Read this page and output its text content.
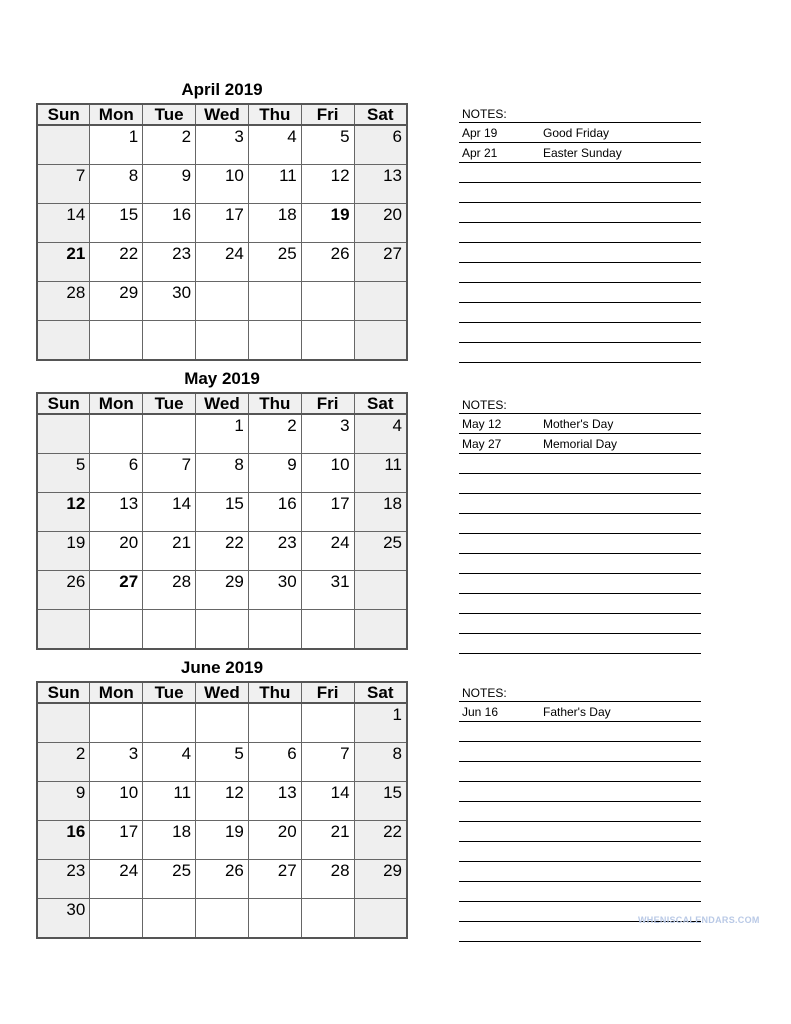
April 2019
Sun	Mon	Tue	Wed	Thu	Fri	Sat
	1	2	3	4	5	6
7	8	9	10	11	12	13
14	15	16	17	18	19	20
21	22	23	24	25	26	27
28	29	30				

NOTES:
Apr 19	Good Friday
Apr 21	Easter Sunday
May 2019
Sun	Mon	Tue	Wed	Thu	Fri	Sat
			1	2	3	4
5	6	7	8	9	10	11
12	13	14	15	16	17	18
19	20	21	22	23	24	25
26	27	28	29	30	31	

NOTES:
May 12	Mother's Day
May 27	Memorial Day
June 2019
Sun	Mon	Tue	Wed	Thu	Fri	Sat
						1
2	3	4	5	6	7	8
9	10	11	12	13	14	15
16	17	18	19	20	21	22
23	24	25	26	27	28	29
30						
NOTES:
Jun 16	Father's Day
WHENISCALENDARS.COM
